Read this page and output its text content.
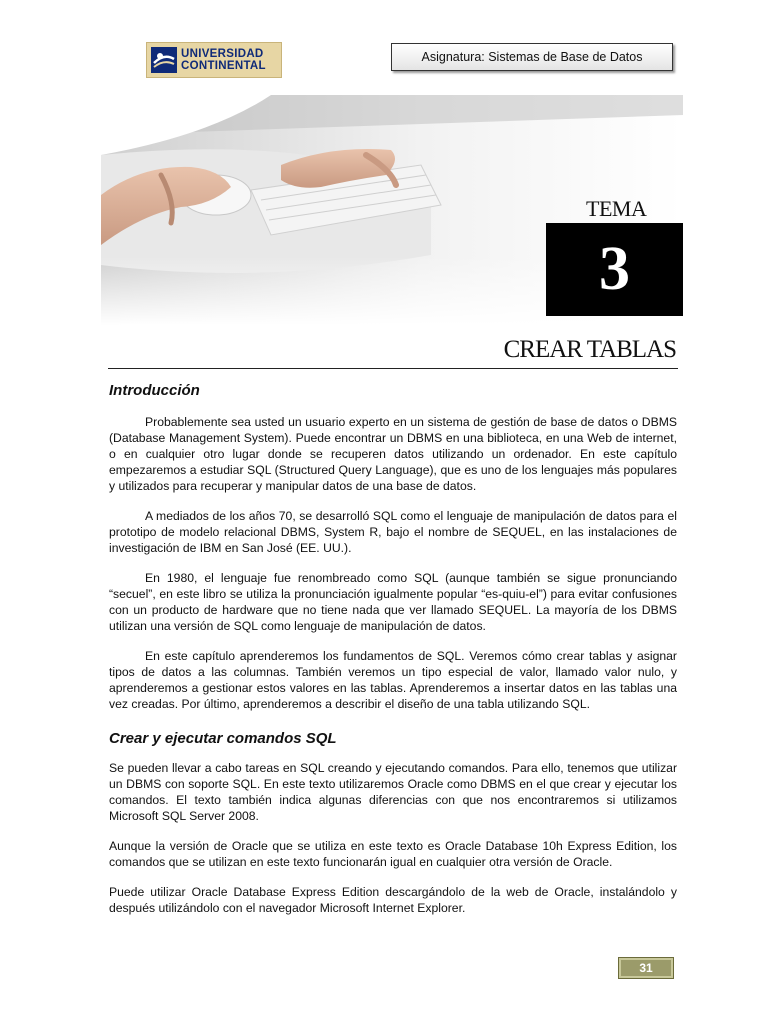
UNIVERSIDAD
CONTINENTAL
Asignatura: Sistemas de Base de Datos
TEMA
3
CREAR TABLAS
Introducción

Probablemente sea usted un usuario experto en un sistema de gestión de base de datos o DBMS (Database Management System). Puede encontrar un DBMS en una biblioteca, en una Web de internet, o en cualquier otro lugar donde se recuperen datos utilizando un ordenador. En este capítulo empezaremos a estudiar SQL (Structured Query Language), que es uno de los lenguajes más populares y utilizados para recuperar y manipular datos de una base de datos.

A mediados de los años 70, se desarrolló SQL como el lenguaje de manipulación de datos para el prototipo de modelo relacional DBMS, System R, bajo el nombre de SEQUEL, en las instalaciones de investigación de IBM en San José (EE. UU.).

En 1980, el lenguaje fue renombreado como SQL (aunque también se sigue pronunciando “secuel”, en este libro se utiliza la pronunciación igualmente popular “es-quiu-el”) para evitar confusiones con un producto de hardware que no tiene nada que ver llamado SEQUEL. La mayoría de los DBMS utilizan una versión de SQL como lenguaje de manipulación de datos.

En este capítulo aprenderemos los fundamentos de SQL. Veremos cómo crear tablas y asignar tipos de datos a las columnas. También veremos un tipo especial de valor, llamado valor nulo, y aprenderemos a gestionar estos valores en las tablas. Aprenderemos a insertar datos en las tablas una vez creadas. Por último, aprenderemos a describir el diseño de una tabla utilizando SQL.

Crear y ejecutar comandos SQL

Se pueden llevar a cabo tareas en SQL creando y ejecutando comandos. Para ello, tenemos que utilizar un DBMS con soporte SQL. En este texto utilizaremos Oracle como DBMS en el que crear y ejecutar los comandos. El texto también indica algunas diferencias con que nos encontraremos si utilizamos Microsoft SQL Server 2008.

Aunque la versión de Oracle que se utiliza en este texto es Oracle Database 10h Express Edition, los comandos que se utilizan en este texto funcionarán igual en cualquier otra versión de Oracle.

Puede utilizar Oracle Database Express Edition descargándolo de la web de Oracle, instalándolo y después utilizándolo con el navegador Microsoft Internet Explorer.

31
